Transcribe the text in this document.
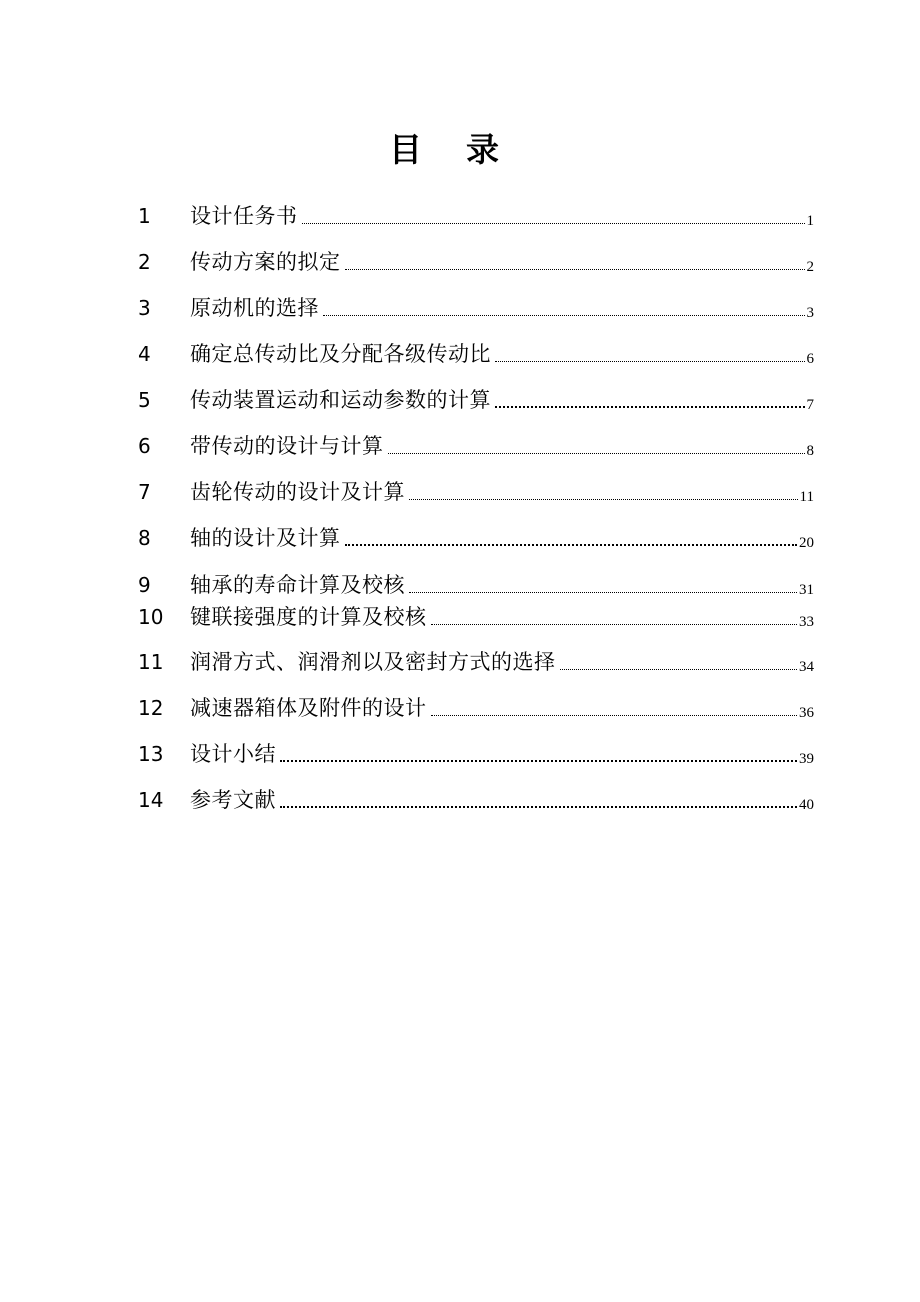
目 录
1	设计任务书	1
2	传动方案的拟定	2
3	原动机的选择	3
4	确定总传动比及分配各级传动比	6
5	传动装置运动和运动参数的计算	7
6	带传动的设计与计算	8
7	齿轮传动的设计及计算	11
8	轴的设计及计算	20
9	轴承的寿命计算及校核	31
10	键联接强度的计算及校核	33
11	润滑方式、润滑剂以及密封方式的选择	34
12	减速器箱体及附件的设计	36
13	设计小结	39
14	参考文献	40
